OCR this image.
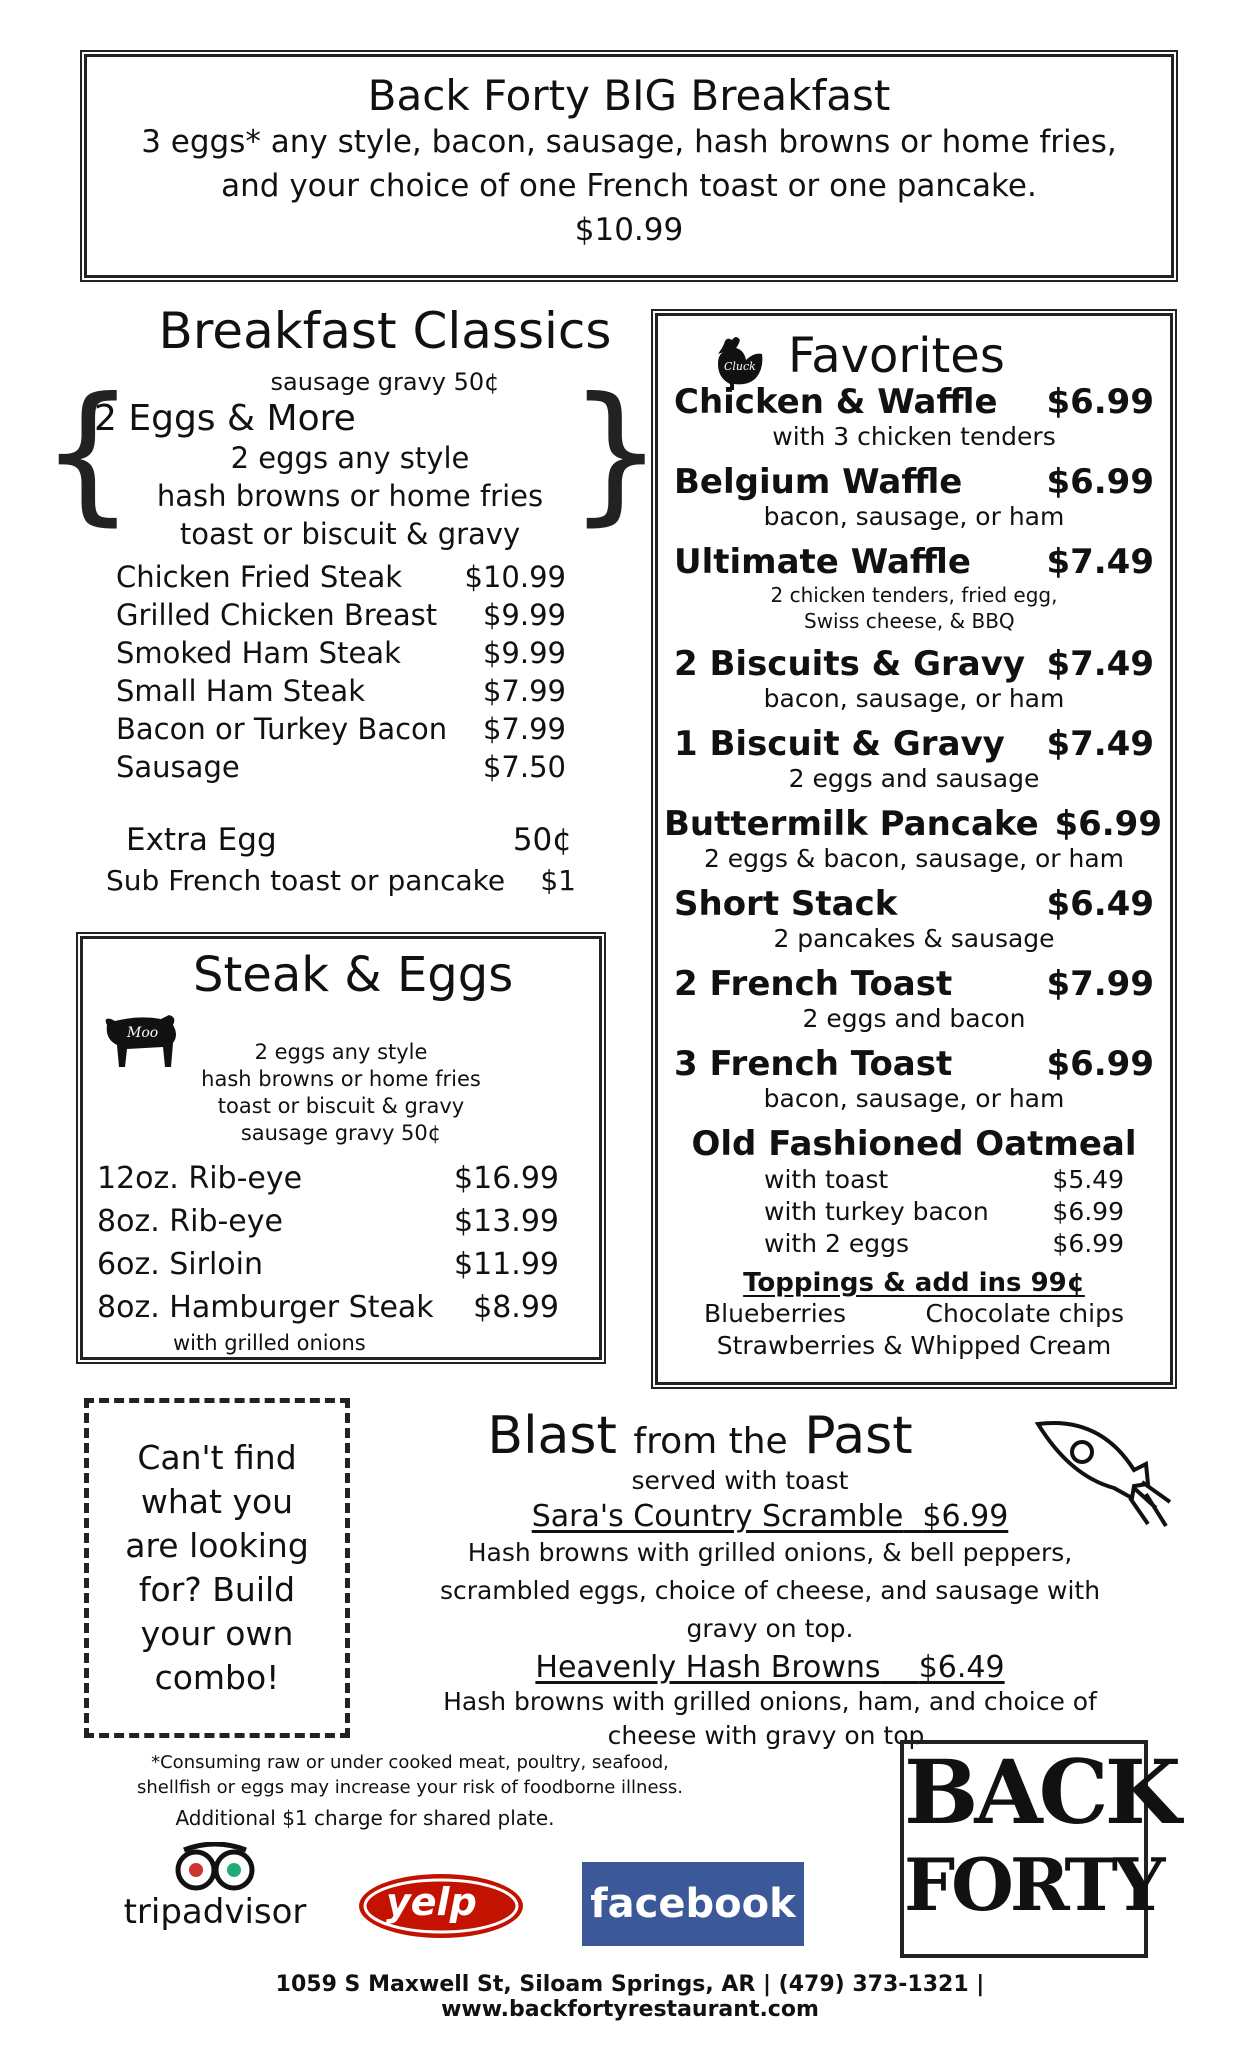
Back Forty BIG Breakfast
3 eggs* any style, bacon, sausage, hash browns or home fries,
and your choice of one French toast or one pancake.
$10.99
Breakfast Classics
sausage gravy 50¢
{	}
2 Eggs & More
2 eggs any style
hash browns or home fries
toast or biscuit & gravy
Chicken Fried Steak $10.99
Grilled Chicken Breast $9.99
Smoked Ham Steak	$9.99
Small Ham Steak	$7.99
Bacon or Turkey Bacon $7.99
Sausage	$7.50
Extra Egg	50¢
Sub French toast or pancake $1
Moo
Steak & Eggs
2 eggs any style
hash browns or home fries
toast or biscuit & gravy
sausage gravy 50¢
12oz. Rib-eye	$16.99
8oz. Rib-eye	$13.99
6oz. Sirloin	$11.99
8oz. Hamburger Steak $8.99
with grilled onions
Cluck Favorites
Chicken & Waffle $6.99
with 3 chicken tenders
Belgium Waffle $6.99
bacon, sausage, or ham
Ultimate Waffle $7.49
2 chicken tenders, fried egg,
Swiss cheese, & BBQ
2 Biscuits & Gravy $7.49
bacon, sausage, or ham
1 Biscuit & Gravy $7.49
2 eggs and sausage
Buttermilk Pancake $6.99
2 eggs & bacon, sausage, or ham
Short Stack	$6.49
2 pancakes & sausage
2 French Toast	$7.99
2 eggs and bacon
3 French Toast	$6.99
bacon, sausage, or ham
Old Fashioned Oatmeal
with toast	$5.49
with turkey bacon	$6.99
with 2 eggs	$6.99
Toppings & add ins 99¢
Blueberries	Chocolate chips
Strawberries & Whipped Cream
Can't find what you are looking for? Build your own combo!
Blast from the Past
served with toast
Sara's Country Scramble $6.99
Hash browns with grilled onions, & bell peppers, scrambled eggs, choice of cheese, and sausage with gravy on top.
Heavenly Hash Browns $6.49
Hash browns with grilled onions, ham, and choice of cheese with gravy on top.
*Consuming raw or under cooked meat, poultry, seafood,
shellfish or eggs may increase your risk of foodborne illness.
Additional $1 charge for shared plate.
tripadvisor	yelp	facebook
BACK
FORTY
1059 S Maxwell St, Siloam Springs, AR | (479) 373-1321 | www.backfortyrestaurant.com
